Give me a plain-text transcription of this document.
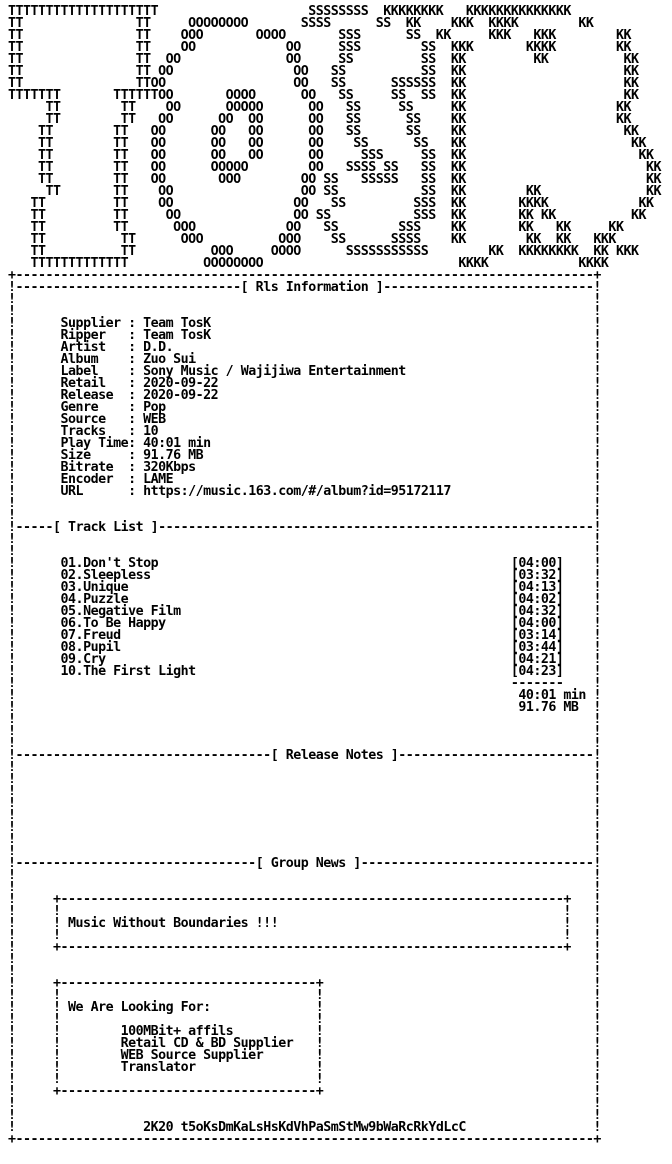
TTTTTTTTTTTTTTTTTTTT                    SSSSSSSS  KKKKKKKK   KKKKKKKKKKKKKK
TT               TT     OOOOOOOO       SSSS      SS  KK    KKK  KKKK        KK
TT               TT    OOO       OOOO       SSS      SS  KK     KKK   KKK        KK
TT               TT    OO            OO     SSS        SS  KKK       KKKK        KK
TT               TT  OO              OO     SS         SS  KK         KK          KK
TT               TT OO                OO   SS          SS  KK                     KK
TT               TTOO                 OO   SS      SSSSSS  KK                     KK
TTTTTTT       TTTTTTOO       OOOO      OO   SS     SS  SS  KK                     KK
TT        TT    OO      OOOOO      OO   SS     SS     KK                    KK
TT        TT   OO      OO  OO      OO   SS      SS    KK                    KK
TT        TT   OO      OO   OO      OO   SS      SS    KK                     KK
TT        TT   OO      OO   OO      OO    SS      SS   KK                      KK
TT        TT   OO      OO   OO      OO     SSS     SS  KK                       KK
TT        TT   OO      OOOOO        OO   SSSS SS   SS  KK                        KK
TT        TT   OO       OOO        OO SS   SSSSS   SS  KK                        KK
TT       TT    OO                 OO SS           SS  KK        KK              KK
TT         TT    OO                OO   SS         SSS  KK       KKKK            KK
TT         TT     OO               OO SS           SSS  KK       KK KK          KK
TT         TT      OOO            OO   SS        SSS    KK       KK   KK     KK
TT          TT      OOO          OOO    SS      SSSS    KK        KK  KK   KKK
TT          TT          OOO     OOOO      SSSSSSSSSSS        KK  KKKKKKKK  KK KKK
TTTTTTTTTTTTT          OOOOOOOO                          KKKK            KKKK
+-----------------------------------------------------------------------------+
!------------------------------[ Rls Information ]----------------------------!
!                                                                             !
!                                                                             !
!      Supplier : Team TosK                                                   !
!      Ripper   : Team TosK                                                   !
!      Artist   : D.D.                                                        !
!      Album    : Zuo Sui                                                     !
!      Label    : Sony Music / Wajijiwa Entertainment                         !
!      Retail   : 2020-09-22                                                  !
!      Release  : 2020-09-22                                                  !
!      Genre    : Pop                                                         !
!      Source   : WEB                                                         !
!      Tracks   : 10                                                          !
!      Play Time: 40:01 min                                                   !
!      Size     : 91.76 MB                                                    !
!      Bitrate  : 320Kbps                                                     !
!      Encoder  : LAME                                                        !
!      URL      : https://music.163.com/#/album?id=95172117                   !
!                                                                             !
!                                                                             !
!-----[ Track List ]----------------------------------------------------------!
!                                                                             !
!                                                                             !
!      01.Don't Stop	[04:00]    !
!      02.Sleepless	[03:32]    !
!      03.Unique	[04:13]    !
!      04.Puzzle	[04:02]    !
!      05.Negative Film	[04:32]    !
!      06.To Be Happy	[04:00]    !
!      07.Freud	[03:14]    !
!      08.Pupil	[03:44]    !
!      09.Cry	[04:21]    !
!      10.The First Light	[04:23]    !
!                                                                  -------    !
!                                                                   40:01 min !
!                                                                   91.76 MB  !
!                                                                             !
!                                                                             !
!                                                                             !
!----------------------------------[ Release Notes ]--------------------------!
!                                                                             !
!                                                                             !
!                                                                             !
!                                                                             !
!                                                                             !
!                                                                             !
!                                                                             !
!                                                                             !
!--------------------------------[ Group News ]-------------------------------!
!                                                                             !
!                                                                             !
!     +-------------------------------------------------------------------+   !
!     !                                                                   !   !
!     ! Music Without Boundaries !!!                                      !   !
!     !                                                                   !   !
!     +-------------------------------------------------------------------+   !
!                                                                             !
!                                                                             !
!     +----------------------------------+                                    !
!     !                                  !                                    !
!     ! We Are Looking For:              !                                    !
!     !                                  !                                    !
!     !        100MBit+ affils           !                                    !
!     !        Retail CD & BD Supplier   !                                    !
!     !        WEB Source Supplier       !                                    !
!     !        Translator                !                                    !
!     !                                  !                                    !
!     +----------------------------------+                                    !
!                                                                             !
!                                                                             !
!                 2K20 t5oKsDmKaLsHsKdVhPaSmStMw9bWaRcRkYdLcC                 !
+-----------------------------------------------------------------------------+
